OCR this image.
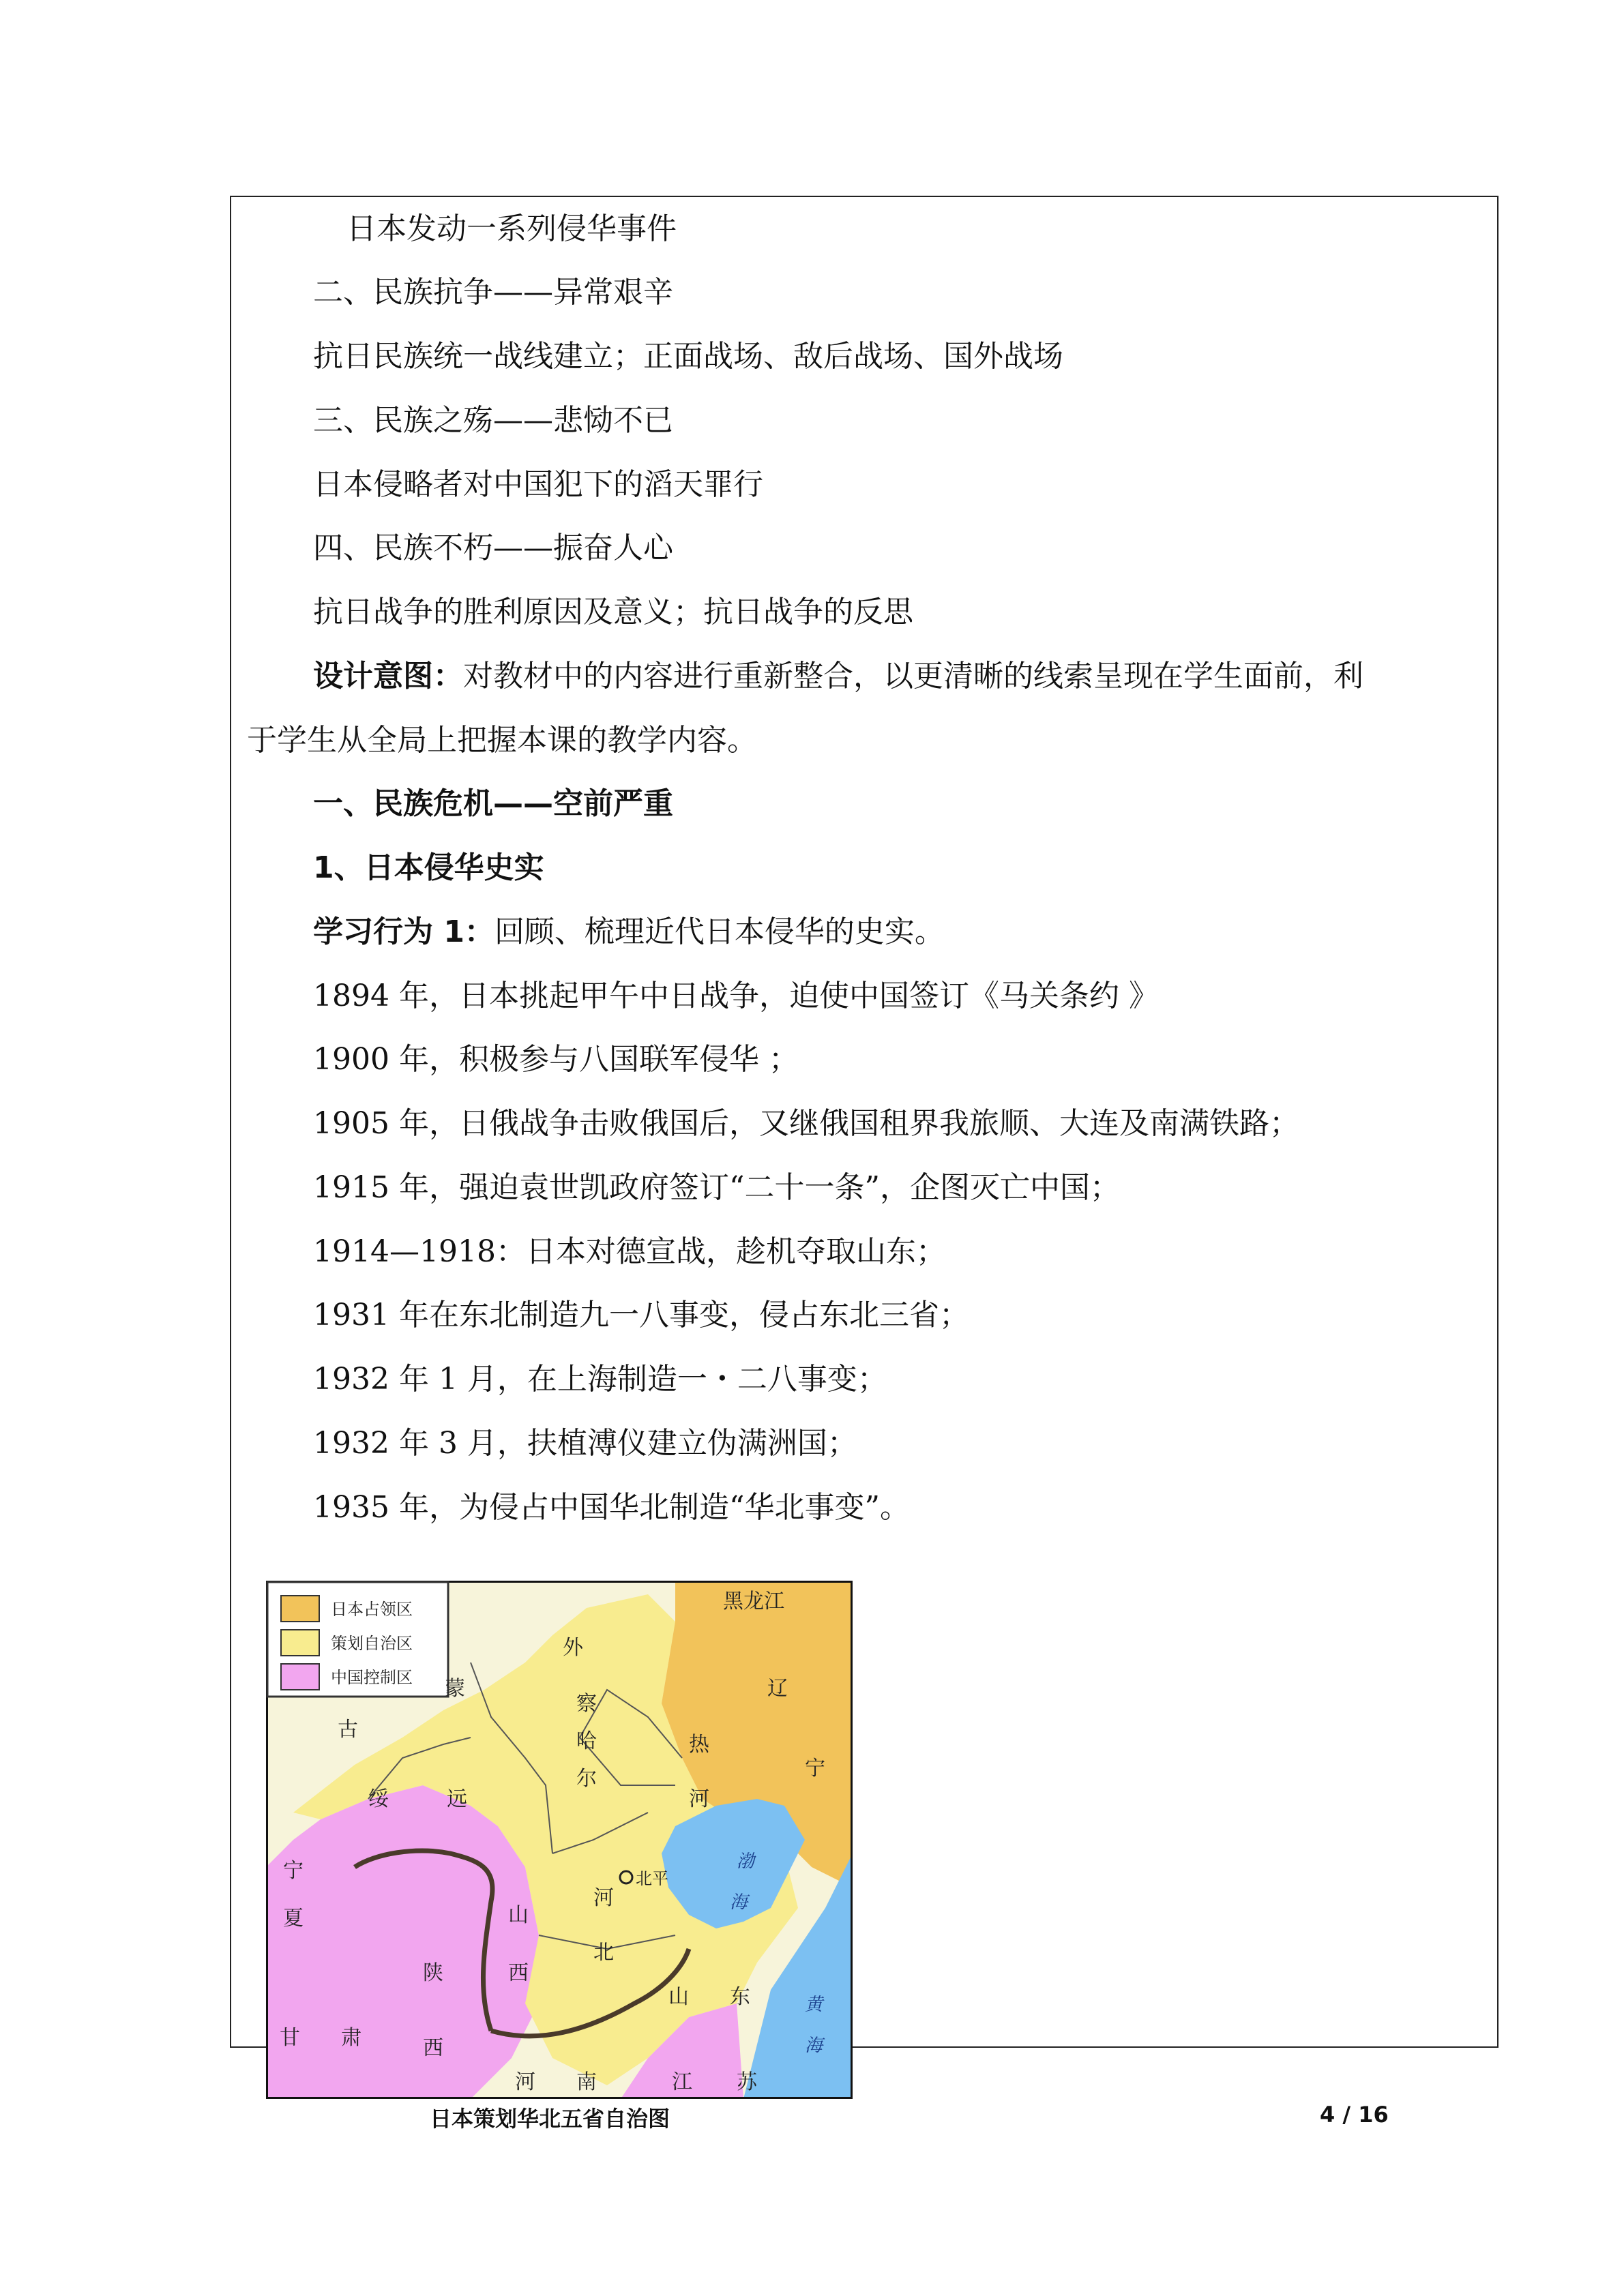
日本发动一系列侵华事件
二、民族抗争——异常艰辛
抗日民族统一战线建立；正面战场、敌后战场、国外战场
三、民族之殇——悲恸不已
日本侵略者对中国犯下的滔天罪行
四、民族不朽——振奋人心
抗日战争的胜利原因及意义；抗日战争的反思
设计意图：对教材中的内容进行重新整合，以更清晰的线索呈现在学生面前，利
于学生从全局上把握本课的教学内容。
一、民族危机——空前严重
1、日本侵华史实
学习行为 1：回顾、梳理近代日本侵华的史实。
1894 年，日本挑起甲午中日战争，迫使中国签订《马关条约 》
1900 年，积极参与八国联军侵华 ；
1905 年，日俄战争击败俄国后，又继俄国租界我旅顺、大连及南满铁路；
1915 年，强迫袁世凯政府签订“二十一条”，企图灭亡中国；
1914—1918：日本对德宣战，趁机夺取山东；
1931 年在东北制造九一八事变，侵占东北三省；
1932 年 1 月，在上海制造一・二八事变；
1932 年 3 月，扶植溥仪建立伪满洲国；
1935 年，为侵占中国华北制造“华北事变”。
日本占领区
策划自治区
中国控制区
黑龙江
辽
宁
外
蒙
古
察
哈
尔
热
河
绥	远
宁
夏
北平
河
北
山
西
陕
西
甘 肃
山 东
河 南	江 苏
渤
海
黄
海
日本策划华北五省自治图	4 / 16
